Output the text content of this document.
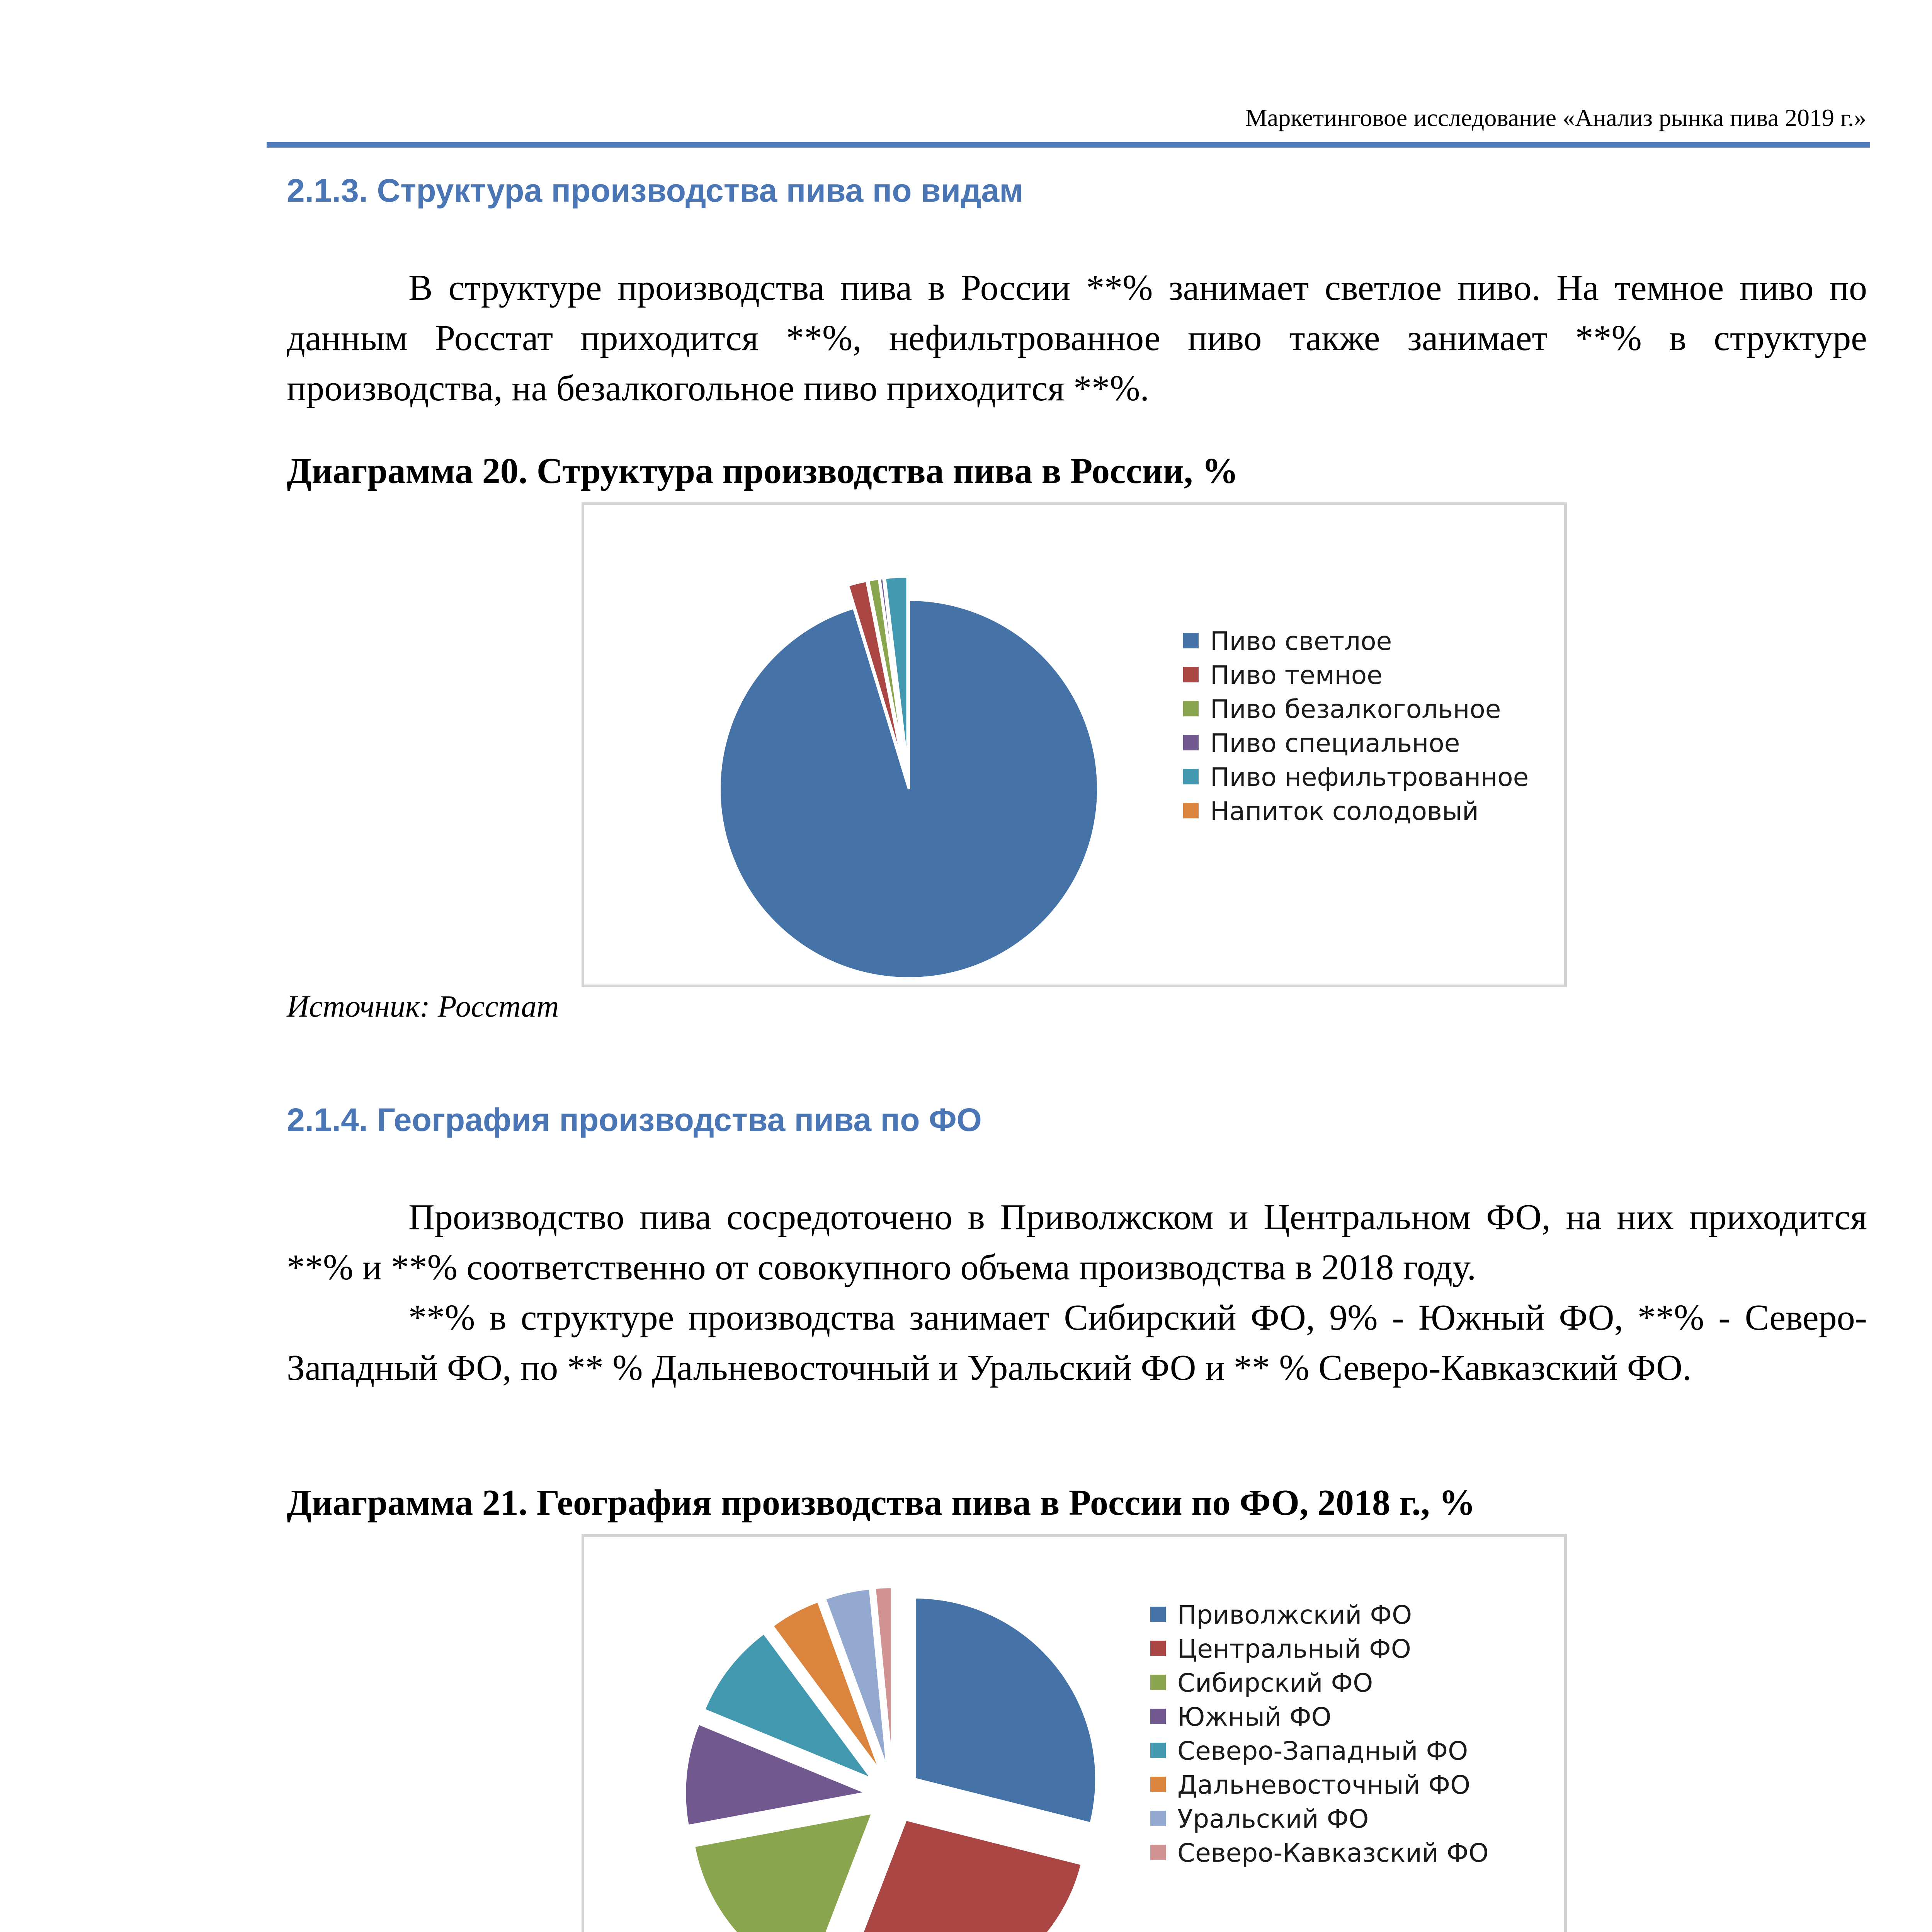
Маркетинговое исследование «Анализ рынка пива 2019 г.»
2.1.3. Структура производства пива по видам
В структуре производства пива в России **% занимает светлое пиво. На темное пиво по данным Росстат приходится **%, нефильтрованное пиво также занимает **% в структуре производства, на безалкогольное пиво приходится **%.
Диаграмма 20. Структура производства пива в России, %
Пиво светлое
Пиво темное
Пиво безалкогольное
Пиво специальное
Пиво нефильтрованное
Напиток солодовый
Источник: Росстат
2.1.4. География производства пива по ФО
Производство пива сосредоточено в Приволжском и Центральном ФО, на них приходится **% и **% соответственно от совокупного объема производства в 2018 году.
**% в структуре производства занимает Сибирский ФО, 9% - Южный ФО, **% - Северо-Западный ФО, по ** % Дальневосточный и Уральский ФО и ** % Северо-Кавказский ФО.
Диаграмма 21. География производства пива в России по ФО, 2018 г., %
Приволжский ФО
Центральный ФО
Сибирский ФО
Южный ФО
Северо-Западный ФО
Дальневосточный ФО
Уральский ФО
Северо-Кавказский ФО
